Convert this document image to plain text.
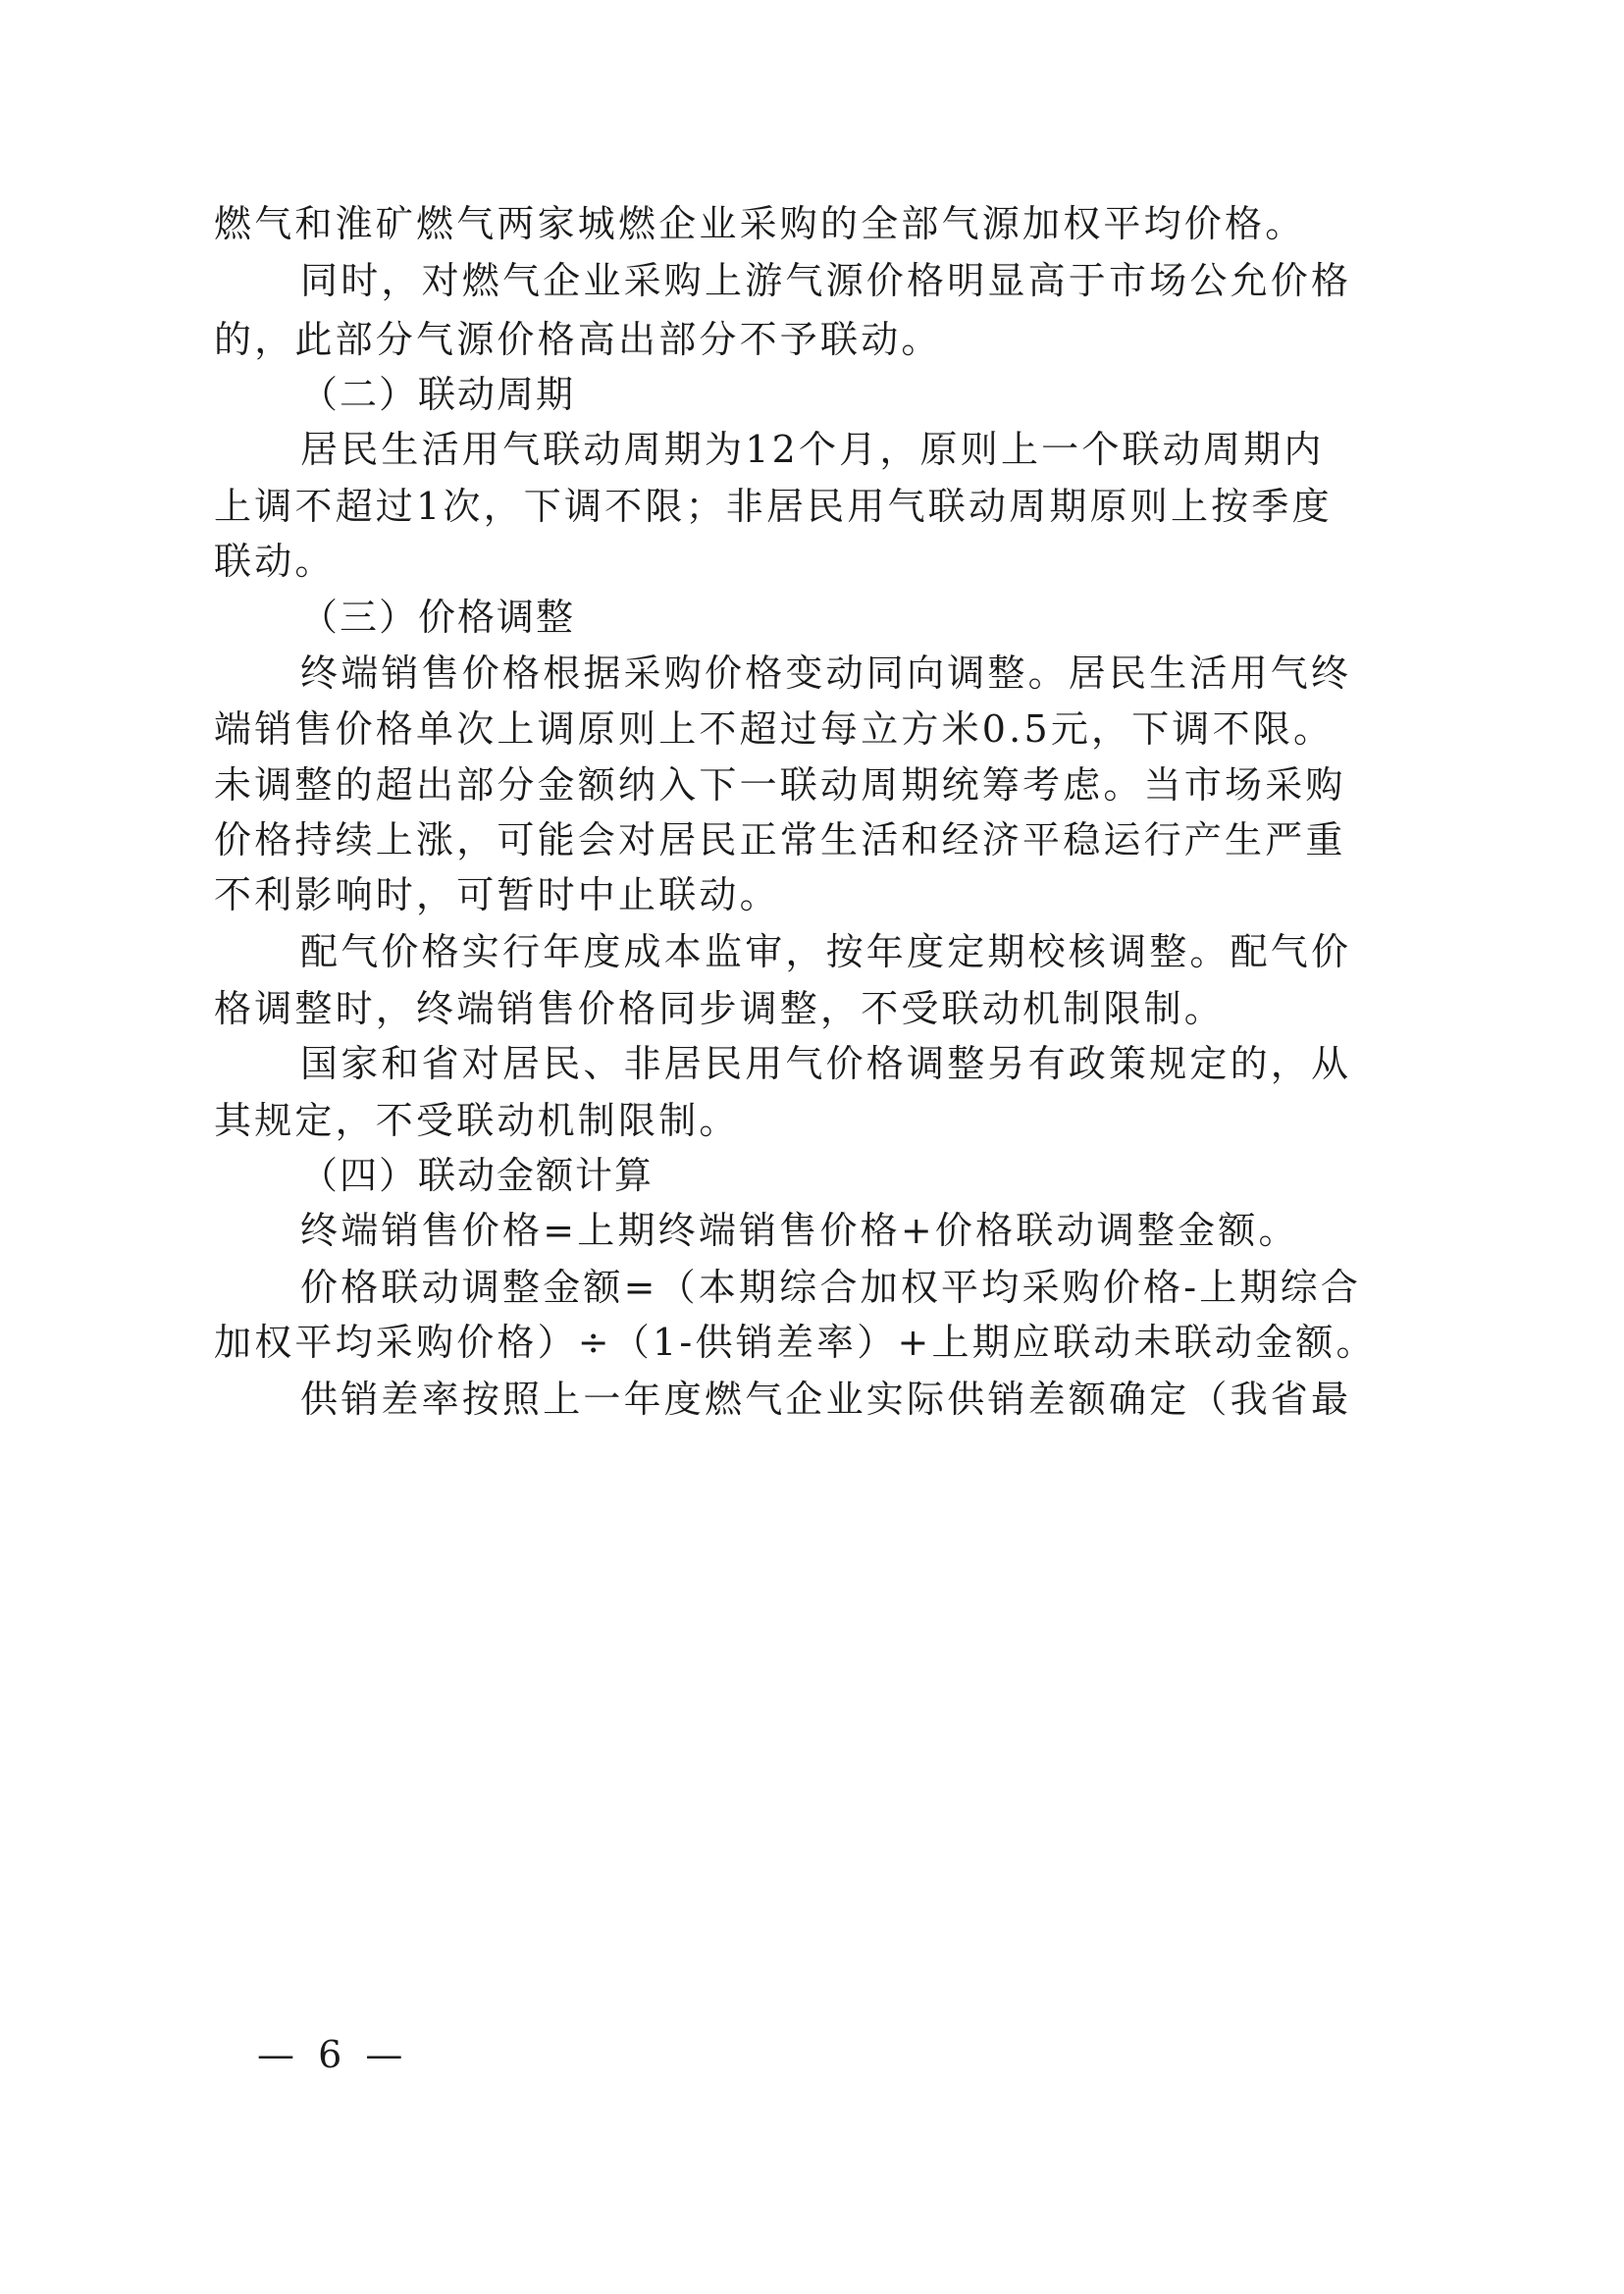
燃气和淮矿燃气两家城燃企业采购的全部气源加权平均价格。
同时，对燃气企业采购上游气源价格明显高于市场公允价格
的，此部分气源价格高出部分不予联动。
（二）联动周期
居民生活用气联动周期为12个月，原则上一个联动周期内
上调不超过1次，下调不限；非居民用气联动周期原则上按季度
联动。
（三）价格调整
终端销售价格根据采购价格变动同向调整。居民生活用气终
端销售价格单次上调原则上不超过每立方米0.5元，下调不限。
未调整的超出部分金额纳入下一联动周期统筹考虑。当市场采购
价格持续上涨，可能会对居民正常生活和经济平稳运行产生严重
不利影响时，可暂时中止联动。
配气价格实行年度成本监审，按年度定期校核调整。配气价
格调整时，终端销售价格同步调整，不受联动机制限制。
国家和省对居民、非居民用气价格调整另有政策规定的，从
其规定，不受联动机制限制。
（四）联动金额计算
终端销售价格=上期终端销售价格+价格联动调整金额。
价格联动调整金额=（本期综合加权平均采购价格-上期综合
加权平均采购价格）÷（1-供销差率）+上期应联动未联动金额。
供销差率按照上一年度燃气企业实际供销差额确定（我省最
— 6 —
